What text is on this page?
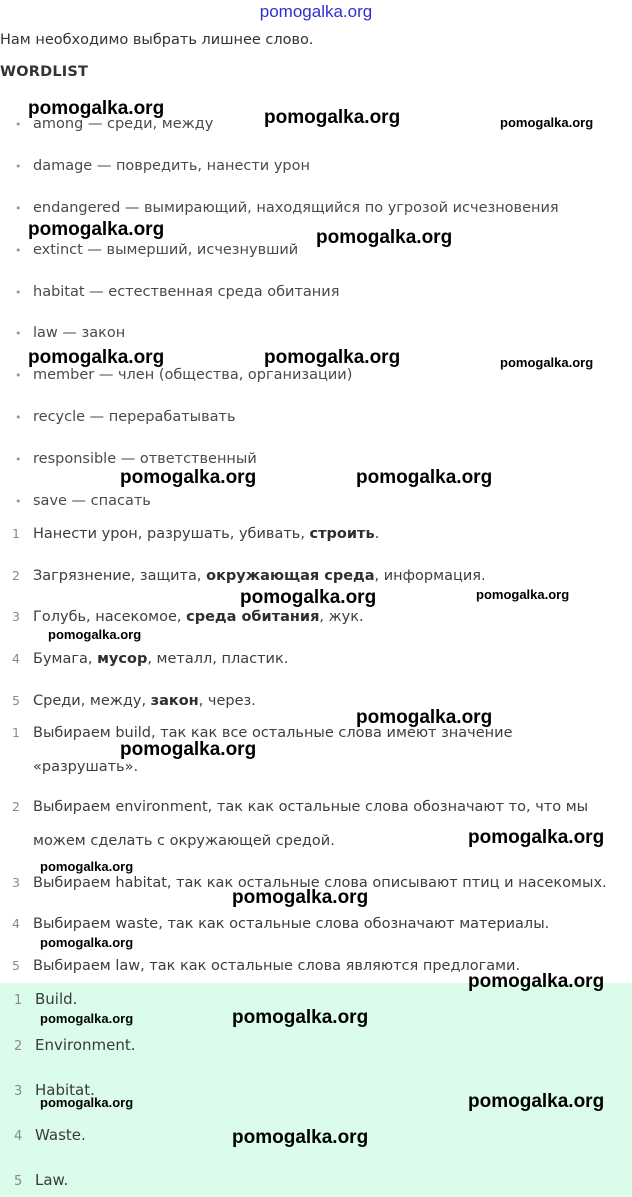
pomogalka.org
Нам необходимо выбрать лишнее слово.
WORDLIST
• among — среди, между
• damage — повредить, нанести урон
• endangered — вымирающий, находящийся по угрозой исчезновения
• extinct — вымерший, исчезнувший
• habitat — естественная среда обитания
• law — закон
• member — член (общества, организации)
• recycle — перерабатывать
• responsible — ответственный
• save — спасать
1 Нанести урон, разрушать, убивать, строить.
2 Загрязнение, защита, окружающая среда, информация.
3 Голубь, насекомое, среда обитания, жук.
4 Бумага, мусор, металл, пластик.
5 Среди, между, закон, через.
1 Выбираем build, так как все остальные слова имеют значение
«разрушать».
2 Выбираем environment, так как остальные слова обозначают то, что мы
можем сделать с окружающей средой.
3 Выбираем habitat, так как остальные слова описывают птиц и насекомых.
4 Выбираем waste, так как остальные слова обозначают материалы.
5 Выбираем law, так как остальные слова являются предлогами.
1 Build.
2 Environment.
3 Habitat.
4 Waste.
5 Law.
pomogalka.org	pomogalka.org	pomogalka.org
pomogalka.org	pomogalka.org
pomogalka.org	pomogalka.org	pomogalka.org
pomogalka.org	pomogalka.org
pomogalka.org	pomogalka.org
pomogalka.org
pomogalka.org
pomogalka.org
pomogalka.org
pomogalka.org
pomogalka.org
pomogalka.org
pomogalka.org
pomogalka.org	pomogalka.org
pomogalka.org	pomogalka.org
pomogalka.org
